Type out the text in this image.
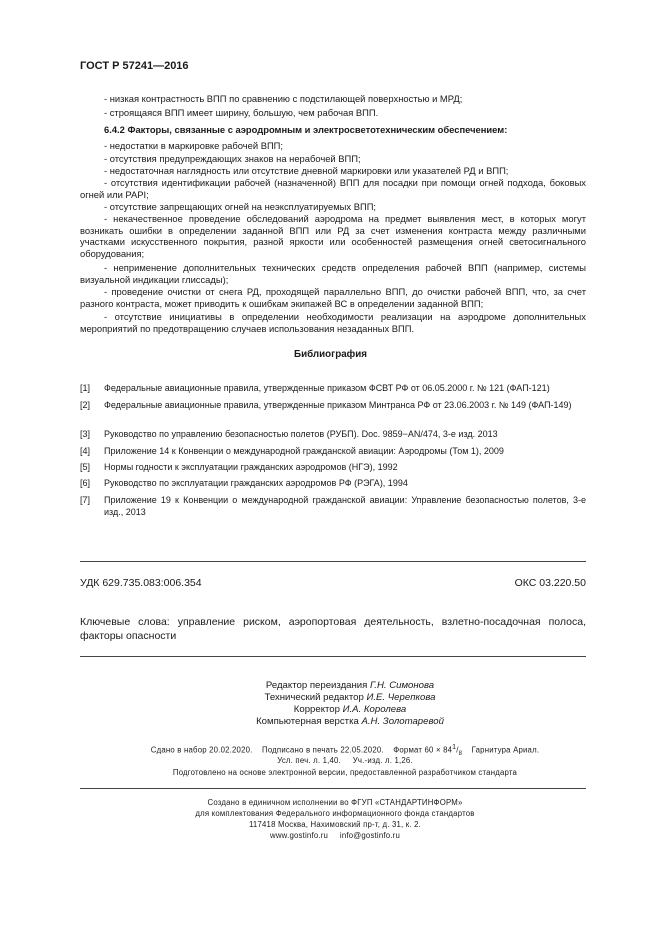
ГОСТ Р 57241—2016
- низкая контрастность ВПП по сравнению с подстилающей поверхностью и МРД;
- строящаяся ВПП имеет ширину, большую, чем рабочая ВПП.
6.4.2 Факторы, связанные с аэродромным и электросветотехническим обеспечением:
- недостатки в маркировке рабочей ВПП;
- отсутствия предупреждающих знаков на нерабочей ВПП;
- недостаточная наглядность или отсутствие дневной маркировки или указателей РД и ВПП;
- отсутствия идентификации рабочей (назначенной) ВПП для посадки при помощи огней подхода, боковых огней или PAPI;
- отсутствие запрещающих огней на неэксплуатируемых ВПП;
- некачественное проведение обследований аэродрома на предмет выявления мест, в которых могут возникать ошибки в определении заданной ВПП или РД за счет изменения контраста между различными участками искусственного покрытия, разной яркости или особенностей размещения огней светосигнального оборудования;
- неприменение дополнительных технических средств определения рабочей ВПП (например, системы визуальной индикации глиссады);
- проведение очистки от снега РД, проходящей параллельно ВПП, до очистки рабочей ВПП, что, за счет разного контраста, может приводить к ошибкам экипажей ВС в определении заданной ВПП;
- отсутствие инициативы в определении необходимости реализации на аэродроме дополнительных мероприятий по предотвращению случаев использования незаданных ВПП.
Библиография
[1] Федеральные авиационные правила, утвержденные приказом ФСВТ РФ от 06.05.2000 г. № 121 (ФАП-121)
[2] Федеральные авиационные правила, утвержденные приказом Минтранса РФ от 23.06.2003 г. № 149 (ФАП-149)
[3] Руководство по управлению безопасностью полетов (РУБП). Doc. 9859−AN/474, 3-е изд. 2013
[4] Приложение 14 к Конвенции о международной гражданской авиации: Аэродромы (Том 1), 2009
[5] Нормы годности к эксплуатации гражданских аэродромов (НГЭ), 1992
[6] Руководство по эксплуатации гражданских аэродромов РФ (РЭГА), 1994
[7] Приложение 19 к Конвенции о международной гражданской авиации: Управление безопасностью полетов, 3-е изд., 2013
УДК 629.735.083:006.354	ОКС 03.220.50
Ключевые слова: управление риском, аэропортовая деятельность, взлетно-посадочная полоса, факторы опасности
Редактор переиздания Г.Н. Симонова
Технический редактор И.Е. Черепкова
Корректор И.А. Королева
Компьютерная верстка А.Н. Золотаревой
Сдано в набор 20.02.2020. Подписано в печать 22.05.2020. Формат $60 \times 84^1/_8$ Гарнитура Ариал.
Усл. печ. л. 1,40. Уч.-изд. л. 1,26.
Подготовлено на основе электронной версии, предоставленной разработчиком стандарта
Создано в единичном исполнении во ФГУП «СТАНДАРТИНФОРМ»
для комплектования Федерального информационного фонда стандартов
117418 Москва, Нахимовский пр-т, д. 31, к. 2.
www.gostinfo.ru     info@gostinfo.ru
